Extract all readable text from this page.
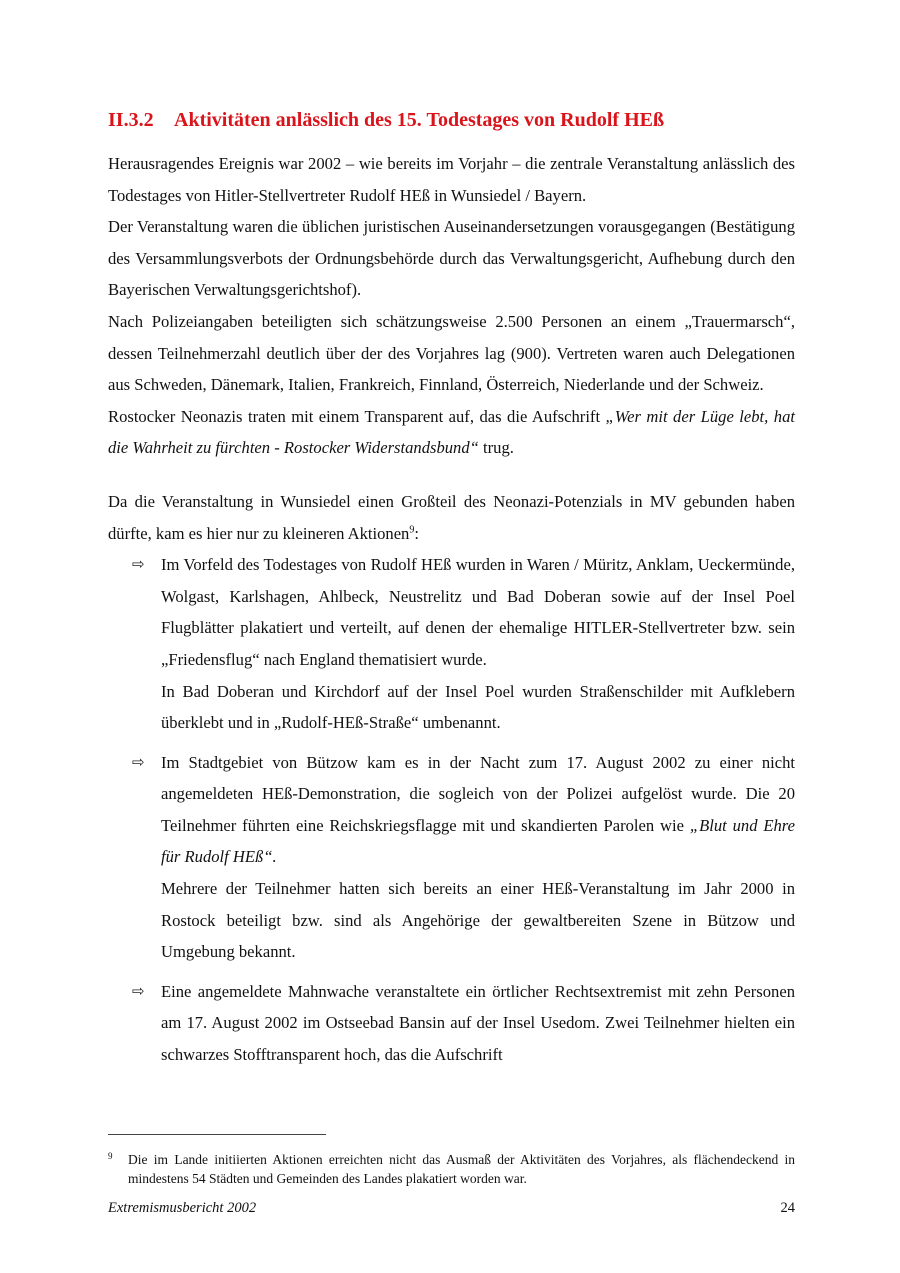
II.3.2 Aktivitäten anlässlich des 15. Todestages von Rudolf HEß

Herausragendes Ereignis war 2002 – wie bereits im Vorjahr – die zentrale Veranstaltung anlässlich des Todestages von Hitler-Stellvertreter Rudolf HEß in Wunsiedel / Bayern.

Der Veranstaltung waren die üblichen juristischen Auseinandersetzungen vorausgegangen (Bestätigung des Versammlungsverbots der Ordnungsbehörde durch das Verwaltungsgericht, Aufhebung durch den Bayerischen Verwaltungsgerichtshof).

Nach Polizeiangaben beteiligten sich schätzungsweise 2.500 Personen an einem „Trauermarsch“, dessen Teilnehmerzahl deutlich über der des Vorjahres lag (900). Vertreten waren auch Delegationen aus Schweden, Dänemark, Italien, Frankreich, Finnland, Österreich, Niederlande und der Schweiz.

Rostocker Neonazis traten mit einem Transparent auf, das die Aufschrift „Wer mit der Lüge lebt, hat die Wahrheit zu fürchten - Rostocker Widerstandsbund“ trug.

Da die Veranstaltung in Wunsiedel einen Großteil des Neonazi-Potenzials in MV gebunden haben dürfte, kam es hier nur zu kleineren Aktionen$^9$:

⇨ Im Vorfeld des Todestages von Rudolf HEß wurden in Waren / Müritz, Anklam, Ueckermünde, Wolgast, Karlshagen, Ahlbeck, Neustrelitz und Bad Doberan sowie auf der Insel Poel Flugblätter plakatiert und verteilt, auf denen der ehemalige HITLER-Stellvertreter bzw. sein „Friedensflug“ nach England thematisiert wurde.

In Bad Doberan und Kirchdorf auf der Insel Poel wurden Straßenschilder mit Aufklebern überklebt und in „Rudolf-HEß-Straße“ umbenannt.

⇨ Im Stadtgebiet von Bützow kam es in der Nacht zum 17. August 2002 zu einer nicht angemeldeten HEß-Demonstration, die sogleich von der Polizei aufgelöst wurde. Die 20 Teilnehmer führten eine Reichskriegsflagge mit und skandierten Parolen wie „Blut und Ehre für Rudolf HEß“.

Mehrere der Teilnehmer hatten sich bereits an einer HEß-Veranstaltung im Jahr 2000 in Rostock beteiligt bzw. sind als Angehörige der gewaltbereiten Szene in Bützow und Umgebung bekannt.

⇨ Eine angemeldete Mahnwache veranstaltete ein örtlicher Rechtsextremist mit zehn Personen am 17. August 2002 im Ostseebad Bansin auf der Insel Usedom. Zwei Teilnehmer hielten ein schwarzes Stofftransparent hoch, das die Aufschrift

9	Die im Lande initiierten Aktionen erreichten nicht das Ausmaß der Aktivitäten des Vorjahres, als flächendeckend in mindestens 54 Städten und Gemeinden des Landes plakatiert worden war.
Extremismusbericht 2002	24
